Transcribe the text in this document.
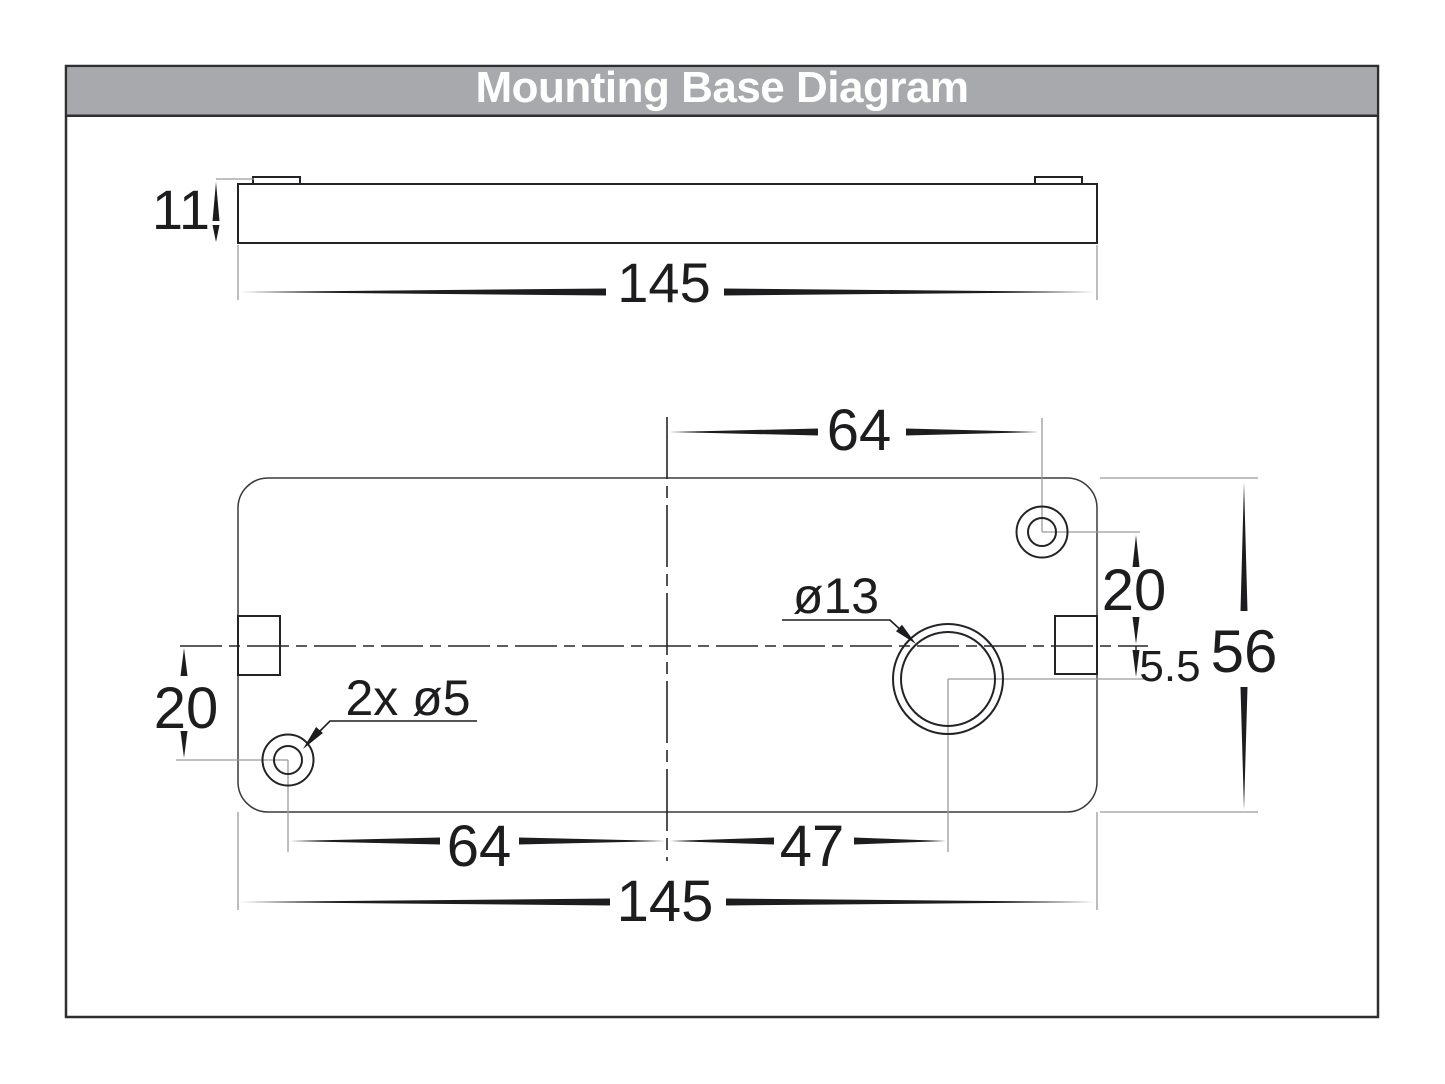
Mounting Base Diagram
11
145
64
20
5.5 56
20	2x ø5
ø13
64	47
145
